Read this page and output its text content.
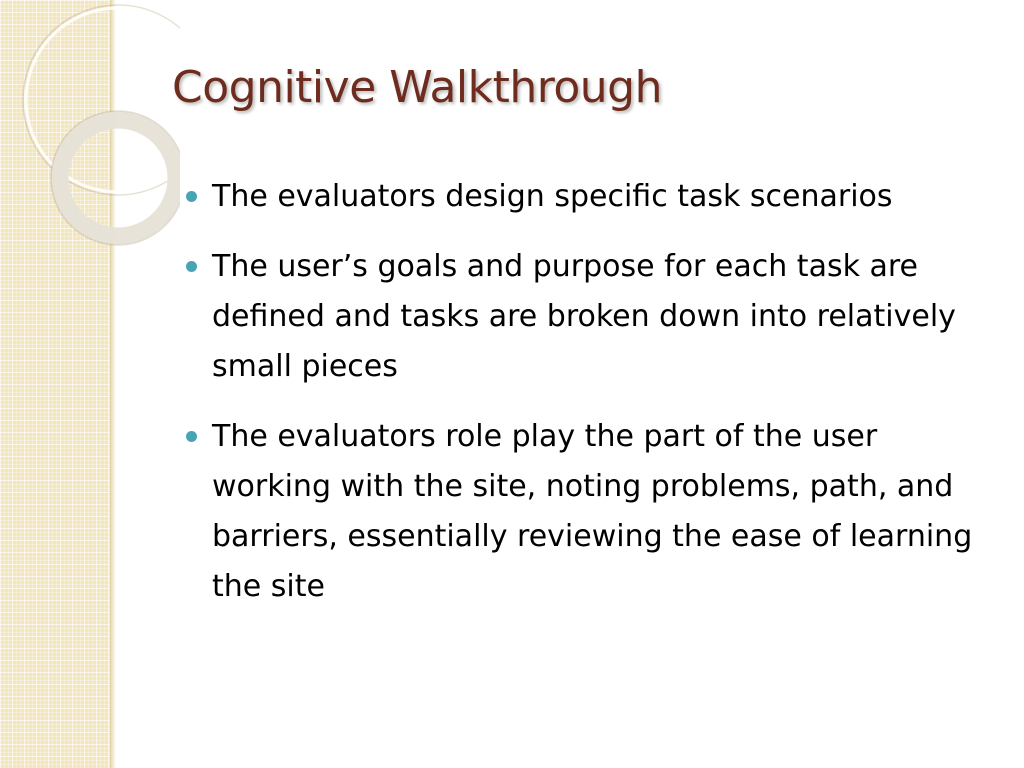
Cognitive Walkthrough
The evaluators design specific task scenarios
The user’s goals and purpose for each task are defined and tasks are broken down into relatively small pieces
The evaluators role play the part of the user working with the site, noting problems, path, and barriers, essentially reviewing the ease of learning the site
